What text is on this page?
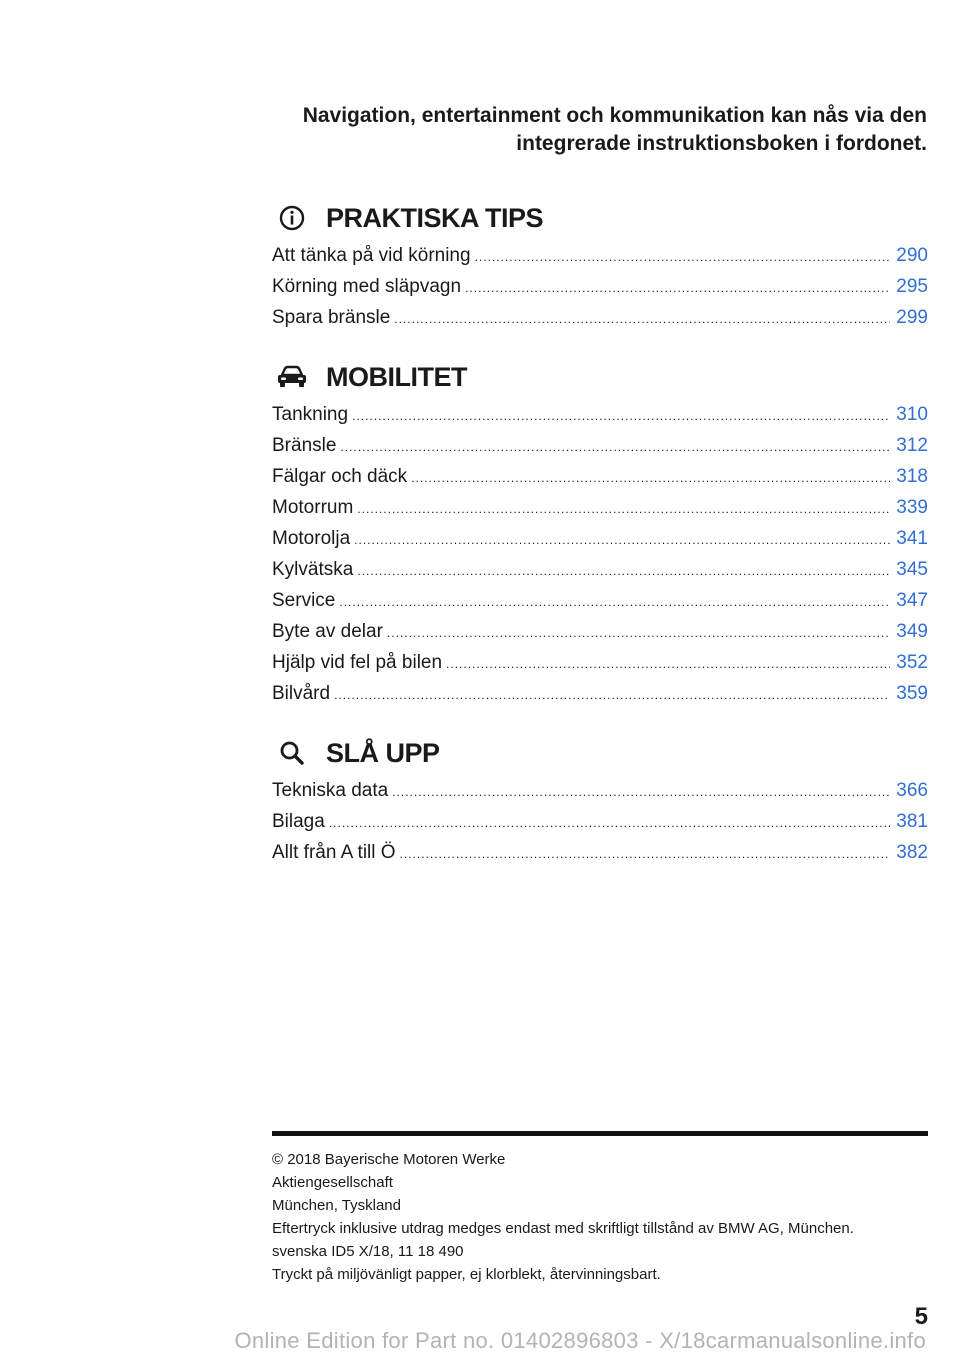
Navigation, entertainment och kommunikation kan nås via den
integrerade instruktionsboken i fordonet.
PRAKTISKA TIPS
Att tänka på vid körning .....	290
Körning med släpvagn .....	295
Spara bränsle .....	299
MOBILITET
Tankning .....	310
Bränsle .....	312
Fälgar och däck .....	318
Motorrum .....	339
Motorolja .....	341
Kylvätska .....	345
Service .....	347
Byte av delar .....	349
Hjälp vid fel på bilen .....	352
Bilvård .....	359
SLÅ UPP
Tekniska data .....	366
Bilaga .....	381
Allt från A till Ö .....	382
© 2018 Bayerische Motoren Werke
Aktiengesellschaft
München, Tyskland
Eftertryck inklusive utdrag medges endast med skriftligt tillstånd av BMW AG, München.
svenska ID5 X/18, 11 18 490
Tryckt på miljövänligt papper, ej klorblekt, återvinningsbart.
5
Online Edition for Part no. 01402896803 - X/18carmanualsonline.info
